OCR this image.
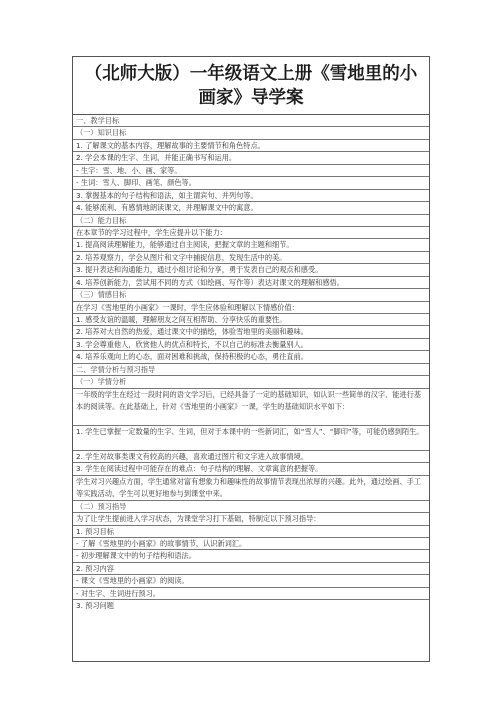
（北师大版）一年级语文上册《雪地里的小
画家》导学案
一、教学目标
（一）知识目标
1. 了解课文的基本内容，理解故事的主要情节和角色特点。
2. 学会本课的生字、生词，并能正确书写和运用。
- 生字：雪、地、小、画、家等。
- 生词：雪人、脚印、画笔、颜色等。
3. 掌握基本的句子结构和语法，如主谓宾句、并列句等。
4. 能够流利、有感情地朗读课文，并理解课文中的寓意。
（二）能力目标
在本章节的学习过程中，学生应提升以下能力：
1. 提高阅读理解能力，能够通过自主阅读，把握文章的主题和细节。
2. 培养观察力，学会从图片和文字中捕捉信息，发现生活中的美。
3. 提升表达和沟通能力，通过小组讨论和分享，勇于发表自己的观点和感受。
4. 培养创新能力，尝试用不同的方式（如绘画、写作等）表达对课文的理解和感悟。
（三）情感目标
在学习《雪地里的小画家》一课时，学生应体验和理解以下情感价值：
1. 感受友谊的温暖，理解朋友之间互相帮助、分享快乐的重要性。
2. 培养对大自然的热爱，通过课文中的描绘，体验雪地里的美丽和趣味。
3. 学会尊重他人，欣赏他人的优点和特长，不以自己的标准去衡量别人。
4. 培养乐观向上的心态，面对困难和挑战，保持积极的心态，勇往直前。
二、学情分析与预习指导
（一）学情分析
一年级的学生在经过一段时间的语文学习后，已经具备了一定的基础知识，如认识一些简单的汉字、能进行基本的阅读等。在此基础上，针对《雪地里的小画家》一课，学生的基础知识水平如下：
1. 学生已掌握一定数量的生字、生词，但对于本课中的一些新词汇，如“雪人”、“脚印”等，可能仍感到陌生。
2. 学生对故事类课文有较高的兴趣，喜欢通过图片和文字进入故事情境。
3. 学生在阅读过程中可能存在的难点：句子结构的理解、文章寓意的把握等。
学生对习兴趣点方面，学生通常对富有想象力和趣味性的故事情节表现出浓厚的兴趣。此外，通过绘画、手工等实践活动，学生可以更好地参与到课堂中来。
（二）预习指导
为了让学生提前进入学习状态，为课堂学习打下基础，特制定以下预习指导：
1. 预习目标
- 了解《雪地里的小画家》的故事情节，认识新词汇。
- 初步理解课文中的句子结构和语法。
2. 预习内容
- 课文《雪地里的小画家》的阅读。
- 对生字、生词进行预习。
3. 预习问题
